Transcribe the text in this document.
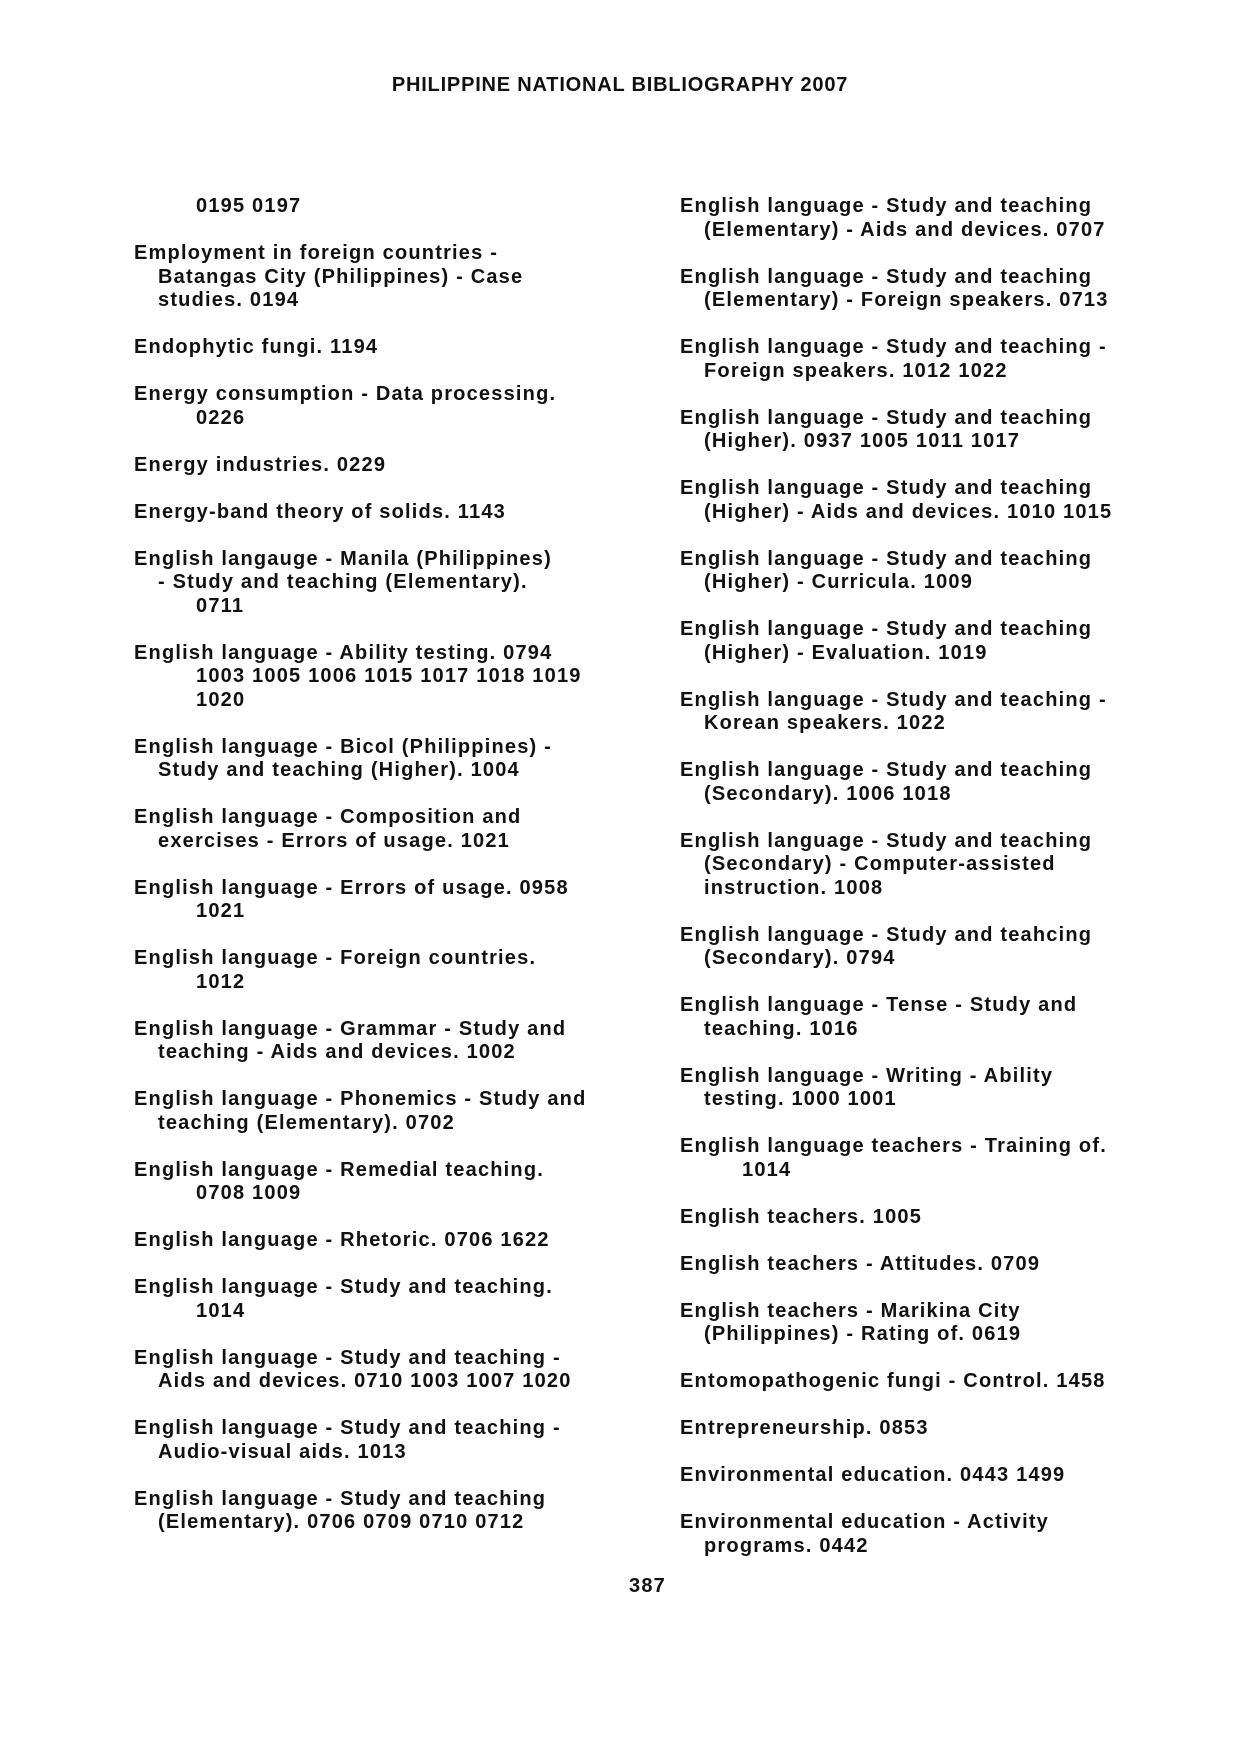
PHILIPPINE NATIONAL BIBLIOGRAPHY 2007
0195 0197
Employment in foreign countries -
Batangas City (Philippines) - Case
studies. 0194
Endophytic fungi. 1194
Energy consumption - Data processing.
0226
Energy industries. 0229
Energy-band theory of solids. 1143
English langauge - Manila (Philippines)
- Study and teaching (Elementary).
0711
English language - Ability testing. 0794
1003 1005 1006 1015 1017 1018 1019
1020
English language - Bicol (Philippines) -
Study and teaching (Higher). 1004
English language - Composition and
exercises - Errors of usage. 1021
English language - Errors of usage. 0958
1021
English language - Foreign countries.
1012
English language - Grammar - Study and
teaching - Aids and devices. 1002
English language - Phonemics - Study and
teaching (Elementary). 0702
English language - Remedial teaching.
0708 1009
English language - Rhetoric. 0706 1622
English language - Study and teaching.
1014
English language - Study and teaching -
Aids and devices. 0710 1003 1007 1020
English language - Study and teaching -
Audio-visual aids. 1013
English language - Study and teaching
(Elementary). 0706 0709 0710 0712
English language - Study and teaching
(Elementary) - Aids and devices. 0707
English language - Study and teaching
(Elementary) - Foreign speakers. 0713
English language - Study and teaching -
Foreign speakers. 1012 1022
English language - Study and teaching
(Higher). 0937 1005 1011 1017
English language - Study and teaching
(Higher) - Aids and devices. 1010 1015
English language - Study and teaching
(Higher) - Curricula. 1009
English language - Study and teaching
(Higher) - Evaluation. 1019
English language - Study and teaching -
Korean speakers. 1022
English language - Study and teaching
(Secondary). 1006 1018
English language - Study and teaching
(Secondary) - Computer-assisted
instruction. 1008
English language - Study and teahcing
(Secondary). 0794
English language - Tense - Study and
teaching. 1016
English language - Writing - Ability
testing. 1000 1001
English language teachers - Training of.
1014
English teachers. 1005
English teachers - Attitudes. 0709
English teachers - Marikina City
(Philippines) - Rating of. 0619
Entomopathogenic fungi - Control. 1458
Entrepreneurship. 0853
Environmental education. 0443 1499
Environmental education - Activity
programs. 0442
387
